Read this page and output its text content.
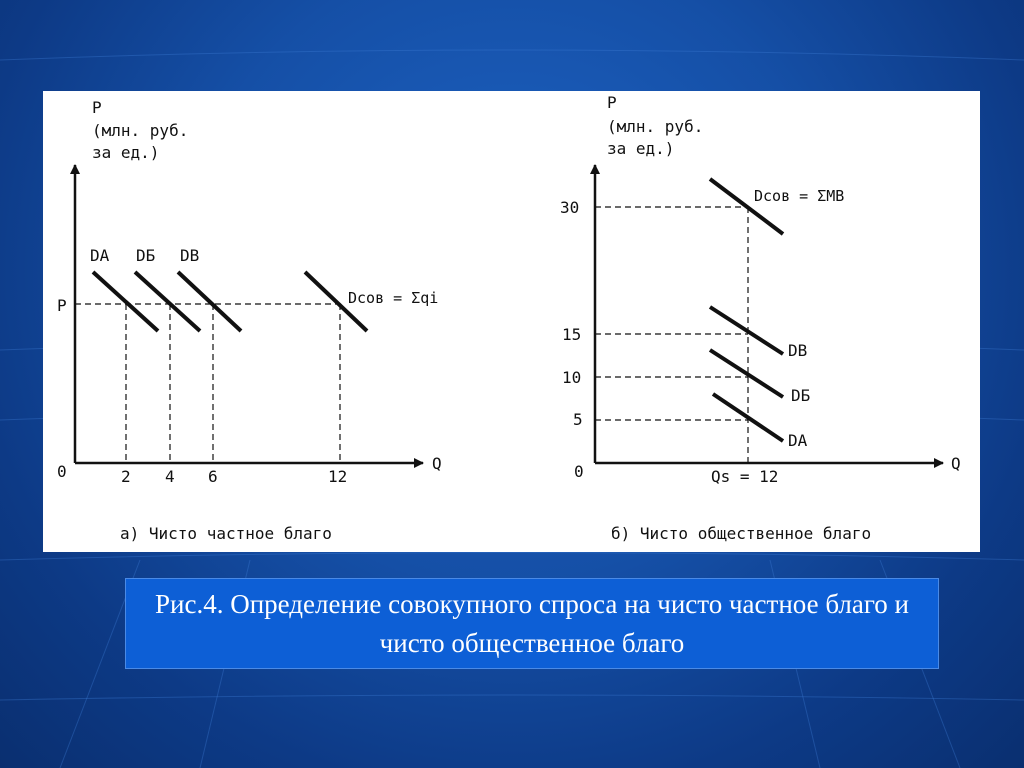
P
(млн. руб.
за ед.)
Q
0
P
DА DБ DВ
Dсов = Σqi
2 4 6	12
а) Чисто частное благо
P
(млн. руб.
за ед.)
Q
0
30
15
10
5
Dсов = ΣMB
DВ
DБ
DА
Qs = 12
б) Чисто общественное благо
Рис.4. Определение совокупного спроса на чисто частное благо и чисто общественное благо
